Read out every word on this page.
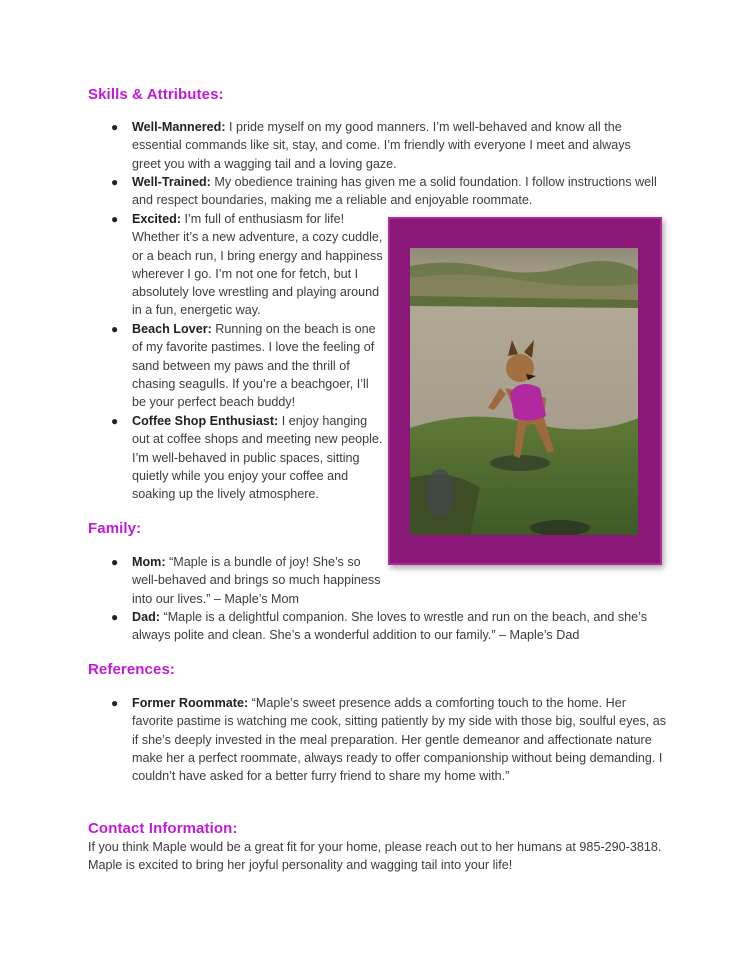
Skills & Attributes:
● Well-Mannered: I pride myself on my good manners. I’m well-behaved and know all the essential commands like sit, stay, and come. I’m friendly with everyone I meet and always greet you with a wagging tail and a loving gaze.
● Well-Trained: My obedience training has given me a solid foundation. I follow instructions well and respect boundaries, making me a reliable and enjoyable roommate.
● Excited: I’m full of enthusiasm for life! Whether it’s a new adventure, a cozy cuddle, or a beach run, I bring energy and happiness wherever I go. I’m not one for fetch, but I absolutely love wrestling and playing around in a fun, energetic way.
● Beach Lover: Running on the beach is one of my favorite pastimes. I love the feeling of sand between my paws and the thrill of chasing seagulls. If you’re a beachgoer, I’ll be your perfect beach buddy!
● Coffee Shop Enthusiast: I enjoy hanging out at coffee shops and meeting new people. I’m well-behaved in public spaces, sitting quietly while you enjoy your coffee and soaking up the lively atmosphere.
Family:
● Mom: “Maple is a bundle of joy! She’s so well-behaved and brings so much happiness into our lives.” – Maple’s Mom
● Dad: “Maple is a delightful companion. She loves to wrestle and run on the beach, and she’s always polite and clean. She’s a wonderful addition to our family.” – Maple’s Dad
References:
● Former Roommate: “Maple’s sweet presence adds a comforting touch to the home. Her favorite pastime is watching me cook, sitting patiently by my side with those big, soulful eyes, as if she’s deeply invested in the meal preparation. Her gentle demeanor and affectionate nature make her a perfect roommate, always ready to offer companionship without being demanding. I couldn’t have asked for a better furry friend to share my home with.”
Contact Information:
If you think Maple would be a great fit for your home, please reach out to her humans at 985-290-3818. Maple is excited to bring her joyful personality and wagging tail into your life!
